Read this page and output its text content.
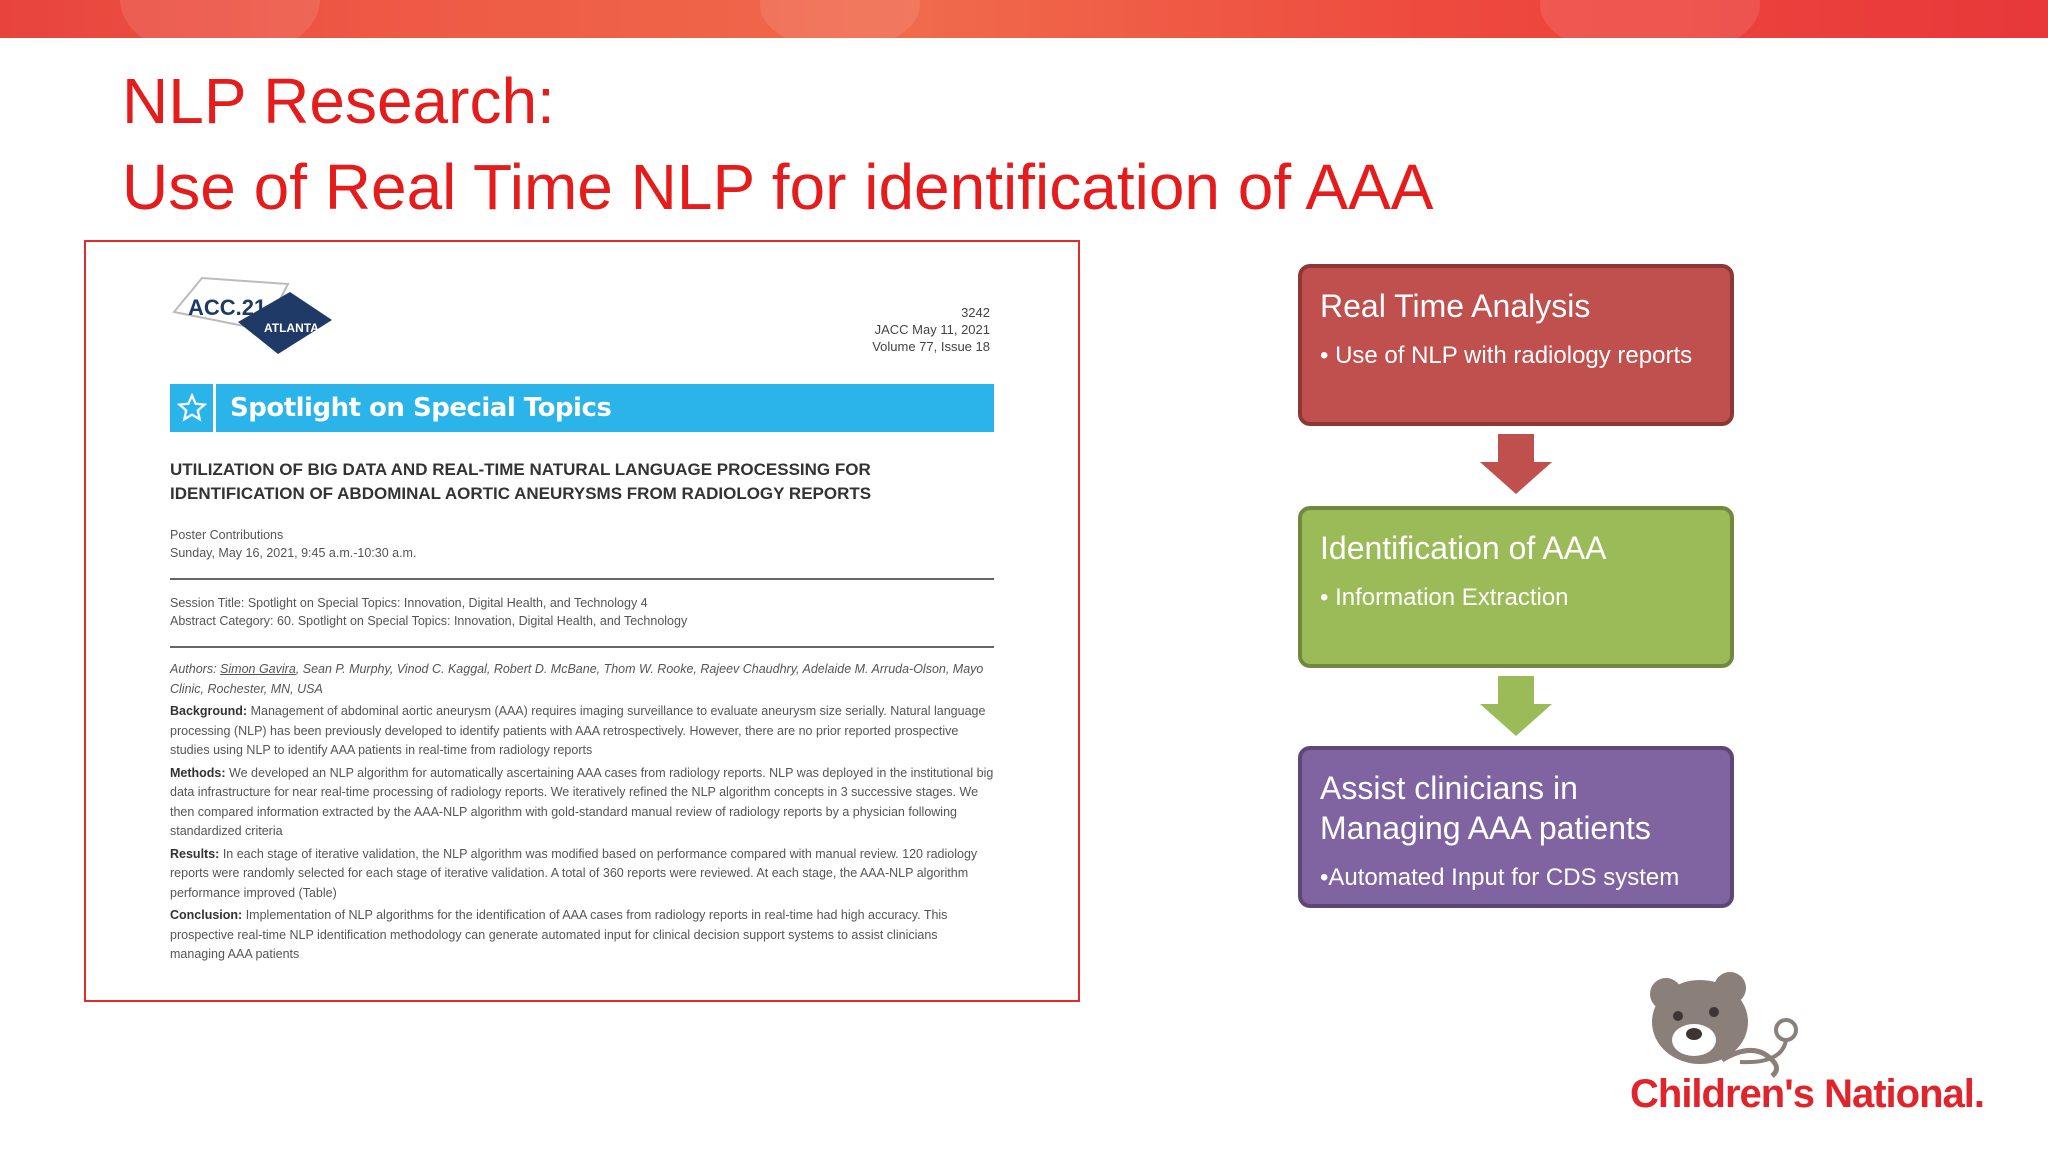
NLP Research:
Use of Real Time NLP for identification of AAA
ACC.21
ATLANTA
3242
JACC May 11, 2021
Volume 77, Issue 18
Spotlight on Special Topics
UTILIZATION OF BIG DATA AND REAL-TIME NATURAL LANGUAGE PROCESSING FOR
IDENTIFICATION OF ABDOMINAL AORTIC ANEURYSMS FROM RADIOLOGY REPORTS
Poster Contributions
Sunday, May 16, 2021, 9:45 a.m.-10:30 a.m.
Session Title: Spotlight on Special Topics: Innovation, Digital Health, and Technology 4
Abstract Category: 60. Spotlight on Special Topics: Innovation, Digital Health, and Technology

Authors: Simon Gavira, Sean P. Murphy, Vinod C. Kaggal, Robert D. McBane, Thom W. Rooke, Rajeev Chaudhry, Adelaide M. Arruda-Olson, Mayo Clinic, Rochester, MN, USA

Background: Management of abdominal aortic aneurysm (AAA) requires imaging surveillance to evaluate aneurysm size serially. Natural language processing (NLP) has been previously developed to identify patients with AAA retrospectively. However, there are no prior reported prospective studies using NLP to identify AAA patients in real-time from radiology reports

Methods: We developed an NLP algorithm for automatically ascertaining AAA cases from radiology reports. NLP was deployed in the institutional big data infrastructure for near real-time processing of radiology reports. We iteratively refined the NLP algorithm concepts in 3 successive stages. We then compared information extracted by the AAA-NLP algorithm with gold-standard manual review of radiology reports by a physician following standardized criteria

Results: In each stage of iterative validation, the NLP algorithm was modified based on performance compared with manual review. 120 radiology reports were randomly selected for each stage of iterative validation. A total of 360 reports were reviewed. At each stage, the AAA-NLP algorithm performance improved (Table)

Conclusion: Implementation of NLP algorithms for the identification of AAA cases from radiology reports in real-time had high accuracy. This prospective real-time NLP identification methodology can generate automated input for clinical decision support systems to assist clinicians managing AAA patients

Real Time Analysis
• Use of NLP with radiology reports
Identification of AAA
• Information Extraction
Assist clinicians in Managing AAA patients
•Automated Input for CDS system
Children's National.
